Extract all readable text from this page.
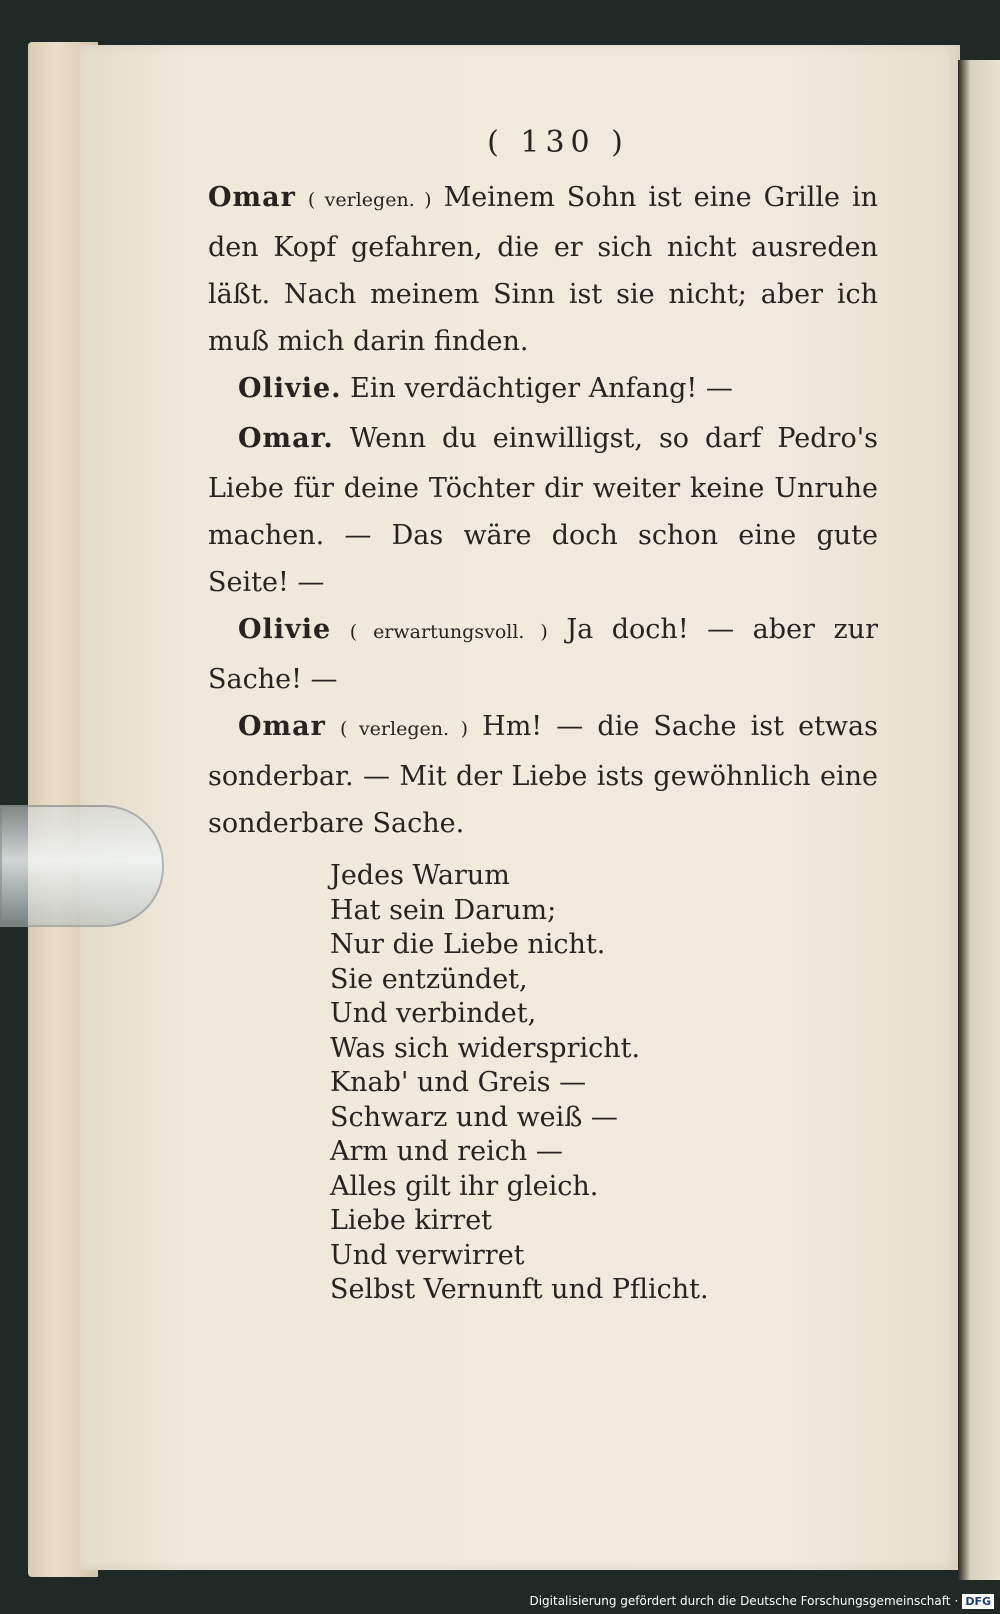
( 130 )

Omar ( verlegen. ) Meinem Sohn ist eine Grille in den Kopf gefahren, die er sich nicht ausreden läßt. Nach meinem Sinn ist sie nicht; aber ich muß mich darin finden.

Olivie. Ein verdächtiger Anfang! —

Omar. Wenn du einwilligst, so darf Pedro's Liebe für deine Töchter dir weiter keine Unruhe machen. — Das wäre doch schon eine gute Seite! —

Olivie ( erwartungsvoll. ) Ja doch! — aber zur Sache! —

Omar ( verlegen. ) Hm! — die Sache ist etwas sonderbar. — Mit der Liebe ists gewöhnlich eine sonderbare Sache.

Jedes Warum
Hat sein Darum;
Nur die Liebe nicht.
Sie entzündet,
Und verbindet,
Was sich widerspricht.
Knab' und Greis —
Schwarz und weiß —
Arm und reich —
Alles gilt ihr gleich.
Liebe kirret
Und verwirret
Selbst Vernunft und Pflicht.
Digitalisierung gefördert durch die Deutsche Forschungsgemeinschaft · DFG
